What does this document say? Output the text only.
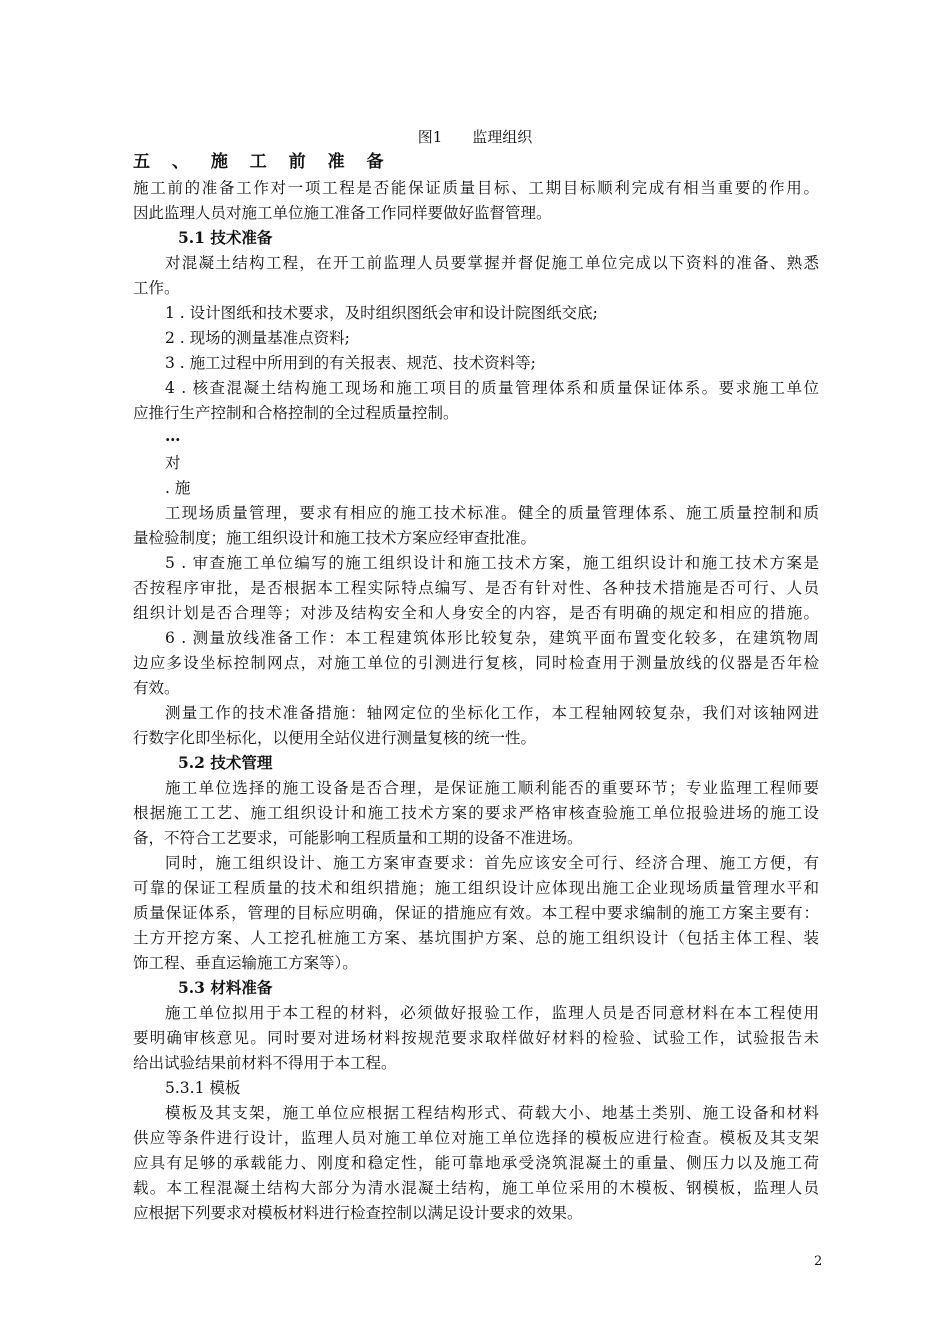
图1　　监理组织
五 、 施 工 前 准 备
施工前的准备工作对一项工程是否能保证质量目标、工期目标顺利完成有相当重要的作用。
因此监理人员对施工单位施工准备工作同样要做好监督管理。
5.1 技术准备
对混凝土结构工程，在开工前监理人员要掌握并督促施工单位完成以下资料的准备、熟悉
工作。
1 . 设计图纸和技术要求，及时组织图纸会审和设计院图纸交底;
2 . 现场的测量基准点资料;
3 . 施工过程中所用到的有关报表、规范、技术资料等;
4 . 核查混凝土结构施工现场和施工项目的质量管理体系和质量保证体系。要求施工单位
应推行生产控制和合格控制的全过程质量控制。
…
对
. 施
工现场质量管理，要求有相应的施工技术标准。健全的质量管理体系、施工质量控制和质
量检验制度；施工组织设计和施工技术方案应经审查批准。
5 . 审查施工单位编写的施工组织设计和施工技术方案，施工组织设计和施工技术方案是
否按程序审批，是否根据本工程实际特点编写、是否有针对性、各种技术措施是否可行、人员
组织计划是否合理等；对涉及结构安全和人身安全的内容，是否有明确的规定和相应的措施。
6 . 测量放线准备工作：本工程建筑体形比较复杂，建筑平面布置变化较多，在建筑物周
边应多设坐标控制网点，对施工单位的引测进行复核，同时检查用于测量放线的仪器是否年检
有效。
测量工作的技术准备措施：轴网定位的坐标化工作，本工程轴网较复杂，我们对该轴网进
行数字化即坐标化，以便用全站仪进行测量复核的统一性。
5.2 技术管理
施工单位选择的施工设备是否合理，是保证施工顺利能否的重要环节；专业监理工程师要
根据施工工艺、施工组织设计和施工技术方案的要求严格审核查验施工单位报验进场的施工设
备，不符合工艺要求，可能影响工程质量和工期的设备不准进场。
同时，施工组织设计、施工方案审查要求：首先应该安全可行、经济合理、施工方便，有
可靠的保证工程质量的技术和组织措施；施工组织设计应体现出施工企业现场质量管理水平和
质量保证体系，管理的目标应明确，保证的措施应有效。本工程中要求编制的施工方案主要有：
土方开挖方案、人工挖孔桩施工方案、基坑围护方案、总的施工组织设计（包括主体工程、装
饰工程、垂直运输施工方案等）。
5.3 材料准备
施工单位拟用于本工程的材料，必须做好报验工作，监理人员是否同意材料在本工程使用
要明确审核意见。同时要对进场材料按规范要求取样做好材料的检验、试验工作，试验报告未
给出试验结果前材料不得用于本工程。
5.3.1 模板
模板及其支架，施工单位应根据工程结构形式、荷载大小、地基土类别、施工设备和材料
供应等条件进行设计，监理人员对施工单位对施工单位选择的模板应进行检查。模板及其支架
应具有足够的承载能力、刚度和稳定性，能可靠地承受浇筑混凝土的重量、侧压力以及施工荷
载。本工程混凝土结构大部分为清水混凝土结构，施工单位采用的木模板、钢模板，监理人员
应根据下列要求对模板材料进行检查控制以满足设计要求的效果。
2
